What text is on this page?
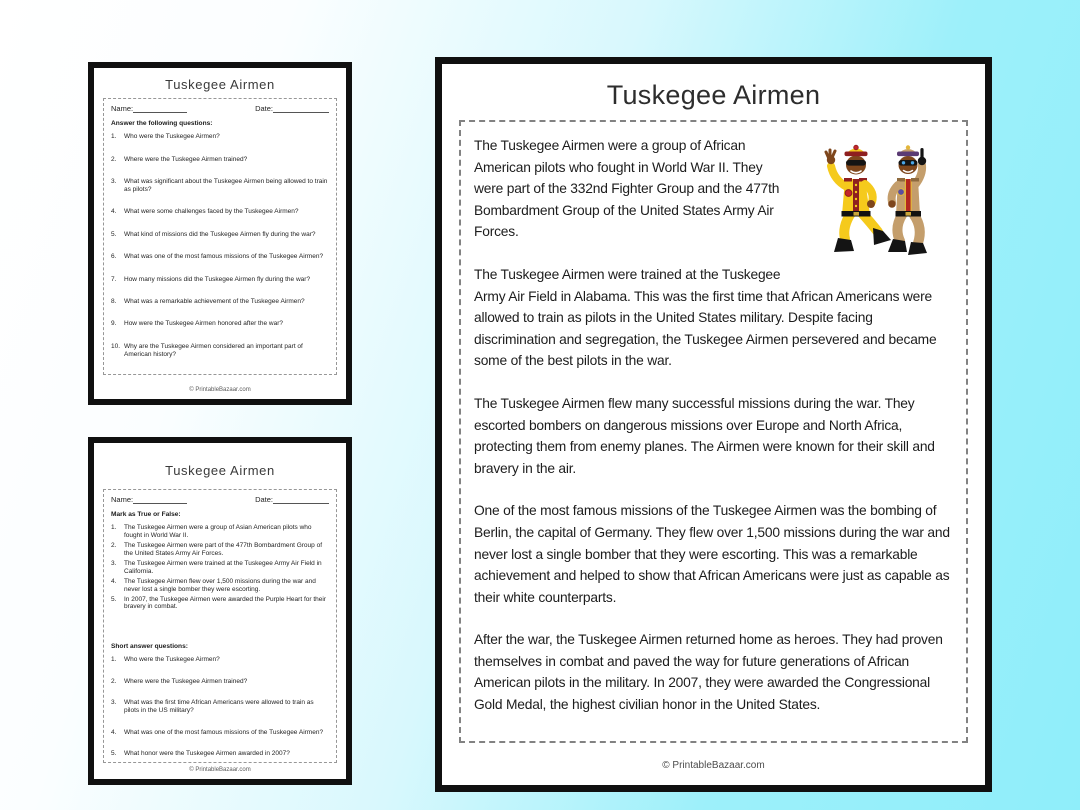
Tuskegee Airmen
Name:	Date:
Answer the following questions:
Who were the Tuskegee Airmen?
Where were the Tuskegee Airmen trained?
What was significant about the Tuskegee Airmen being allowed to train as pilots?
What were some challenges faced by the Tuskegee Airmen?
What kind of missions did the Tuskegee Airmen fly during the war?
What was one of the most famous missions of the Tuskegee Airmen?
How many missions did the Tuskegee Airmen fly during the war?
What was a remarkable achievement of the Tuskegee Airmen?
How were the Tuskegee Airmen honored after the war?
Why are the Tuskegee Airmen considered an important part of American history?
© PrintableBazaar.com
Tuskegee Airmen
Name:	Date:
Mark as True or False:
The Tuskegee Airmen were a group of Asian American pilots who fought in World War II.
The Tuskegee Airmen were part of the 477th Bombardment Group of the United States Army Air Forces.
The Tuskegee Airmen were trained at the Tuskegee Army Air Field in California.
The Tuskegee Airmen flew over 1,500 missions during the war and never lost a single bomber they were escorting.
In 2007, the Tuskegee Airmen were awarded the Purple Heart for their bravery in combat.
Short answer questions:
Who were the Tuskegee Airmen?
Where were the Tuskegee Airmen trained?
What was the first time African Americans were allowed to train as pilots in the US military?
What was one of the most famous missions of the Tuskegee Airmen?
What honor were the Tuskegee Airmen awarded in 2007?
© PrintableBazaar.com
Tuskegee Airmen

The Tuskegee Airmen were a group of African American pilots who fought in World War II. They were part of the 332nd Fighter Group and the 477th Bombardment Group of the United States Army Air Forces.

The Tuskegee Airmen were trained at the Tuskegee Army Air Field in Alabama. This was the first time that African Americans were allowed to train as pilots in the United States military. Despite facing discrimination and segregation, the Tuskegee Airmen persevered and became some of the best pilots in the war.

The Tuskegee Airmen flew many successful missions during the war. They escorted bombers on dangerous missions over Europe and North Africa, protecting them from enemy planes. The Airmen were known for their skill and bravery in the air.

One of the most famous missions of the Tuskegee Airmen was the bombing of Berlin, the capital of Germany. They flew over 1,500 missions during the war and never lost a single bomber that they were escorting. This was a remarkable achievement and helped to show that African Americans were just as capable as their white counterparts.

After the war, the Tuskegee Airmen returned home as heroes. They had proven themselves in combat and paved the way for future generations of African American pilots in the military. In 2007, they were awarded the Congressional Gold Medal, the highest civilian honor in the United States.

© PrintableBazaar.com
